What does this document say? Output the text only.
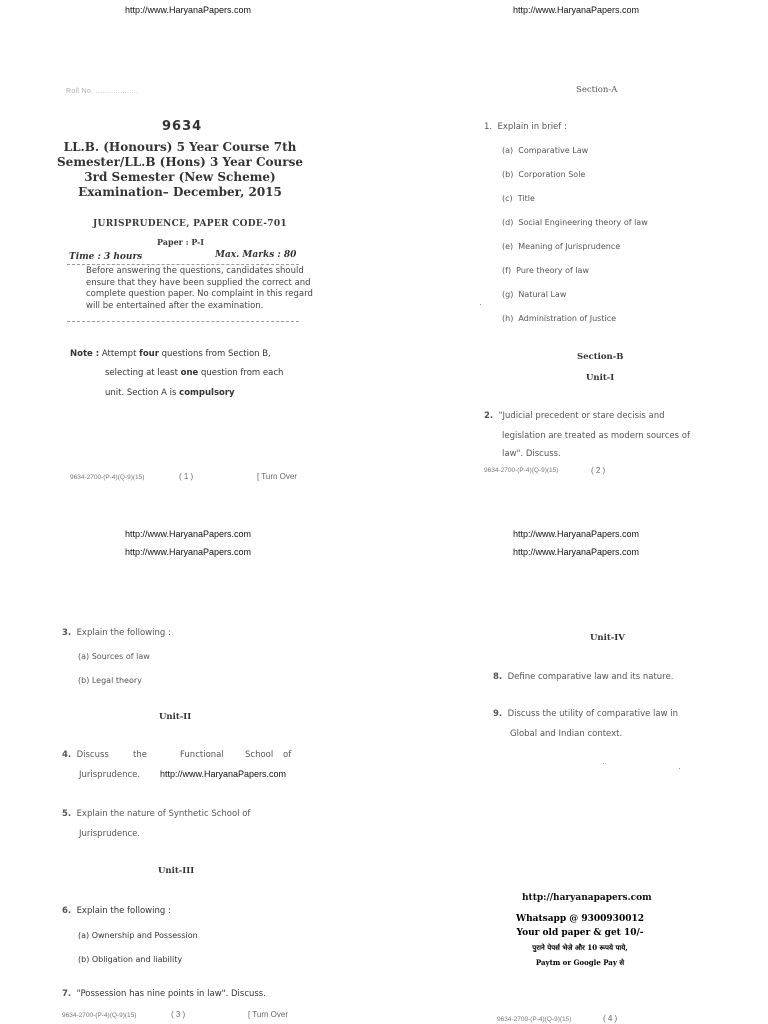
http://www.HaryanaPapers.com	http://www.HaryanaPapers.com
Roll No. ...................
9634
LL.B. (Honours) 5 Year Course 7th Semester/LL.B (Hons) 3 Year Course 3rd Semester (New Scheme) Examination– December, 2015
JURISPRUDENCE, PAPER CODE-701
Paper : P-I
Time : 3 hours	Max. Marks : 80
Before answering the questions, candidates should ensure that they have been supplied the correct and complete question paper. No complaint in this regard will be entertained after the examination.
Note : Attempt four questions from Section B,
selecting at least one question from each
unit. Section A is compulsory
9634-2700-(P-4)(Q-9)(15)	( 1 )	[ Turn Over
Section-A
1. Explain in brief :
(a) Comparative Law
(b) Corporation Sole
(c) Title
(d) Social Engineering theory of law
(e) Meaning of Jurisprudence
(f) Pure theory of law
(g) Natural Law
(h) Administration of Justice
Section-B
Unit-I
2. "Judicial precedent or stare decisis and
legislation are treated as modern sources of
law". Discuss.
9634-2700-(P-4)(Q-9)(15)	( 2 )
http://www.HaryanaPapers.com
http://www.HaryanaPapers.com
http://www.HaryanaPapers.com
http://www.HaryanaPapers.com
3. Explain the following :
(a) Sources of law
(b) Legal theory
Unit-II
4. Discuss	the	Functional	School of
Jurisprudence. http://www.HaryanaPapers.com
5. Explain the nature of Synthetic School of
Jurisprudence.
Unit-III
6. Explain the following :
(a) Ownership and Possession
(b) Obligation and liability
7. "Possession has nine points in law". Discuss.
9634-2700-(P-4)(Q-9)(15)	( 3 )	[ Turn Over
Unit-IV
8. Define comparative law and its nature.
9. Discuss the utility of comparative law in
Global and Indian context.
http://haryanapapers.com
Whatsapp @ 9300930012
Your old paper & get 10/-
पुराने पेपर्स भेजे और 10 रूपये पाये,
Paytm or Google Pay से
9634-2700-(P-4)(Q-9)(15)	( 4 )
